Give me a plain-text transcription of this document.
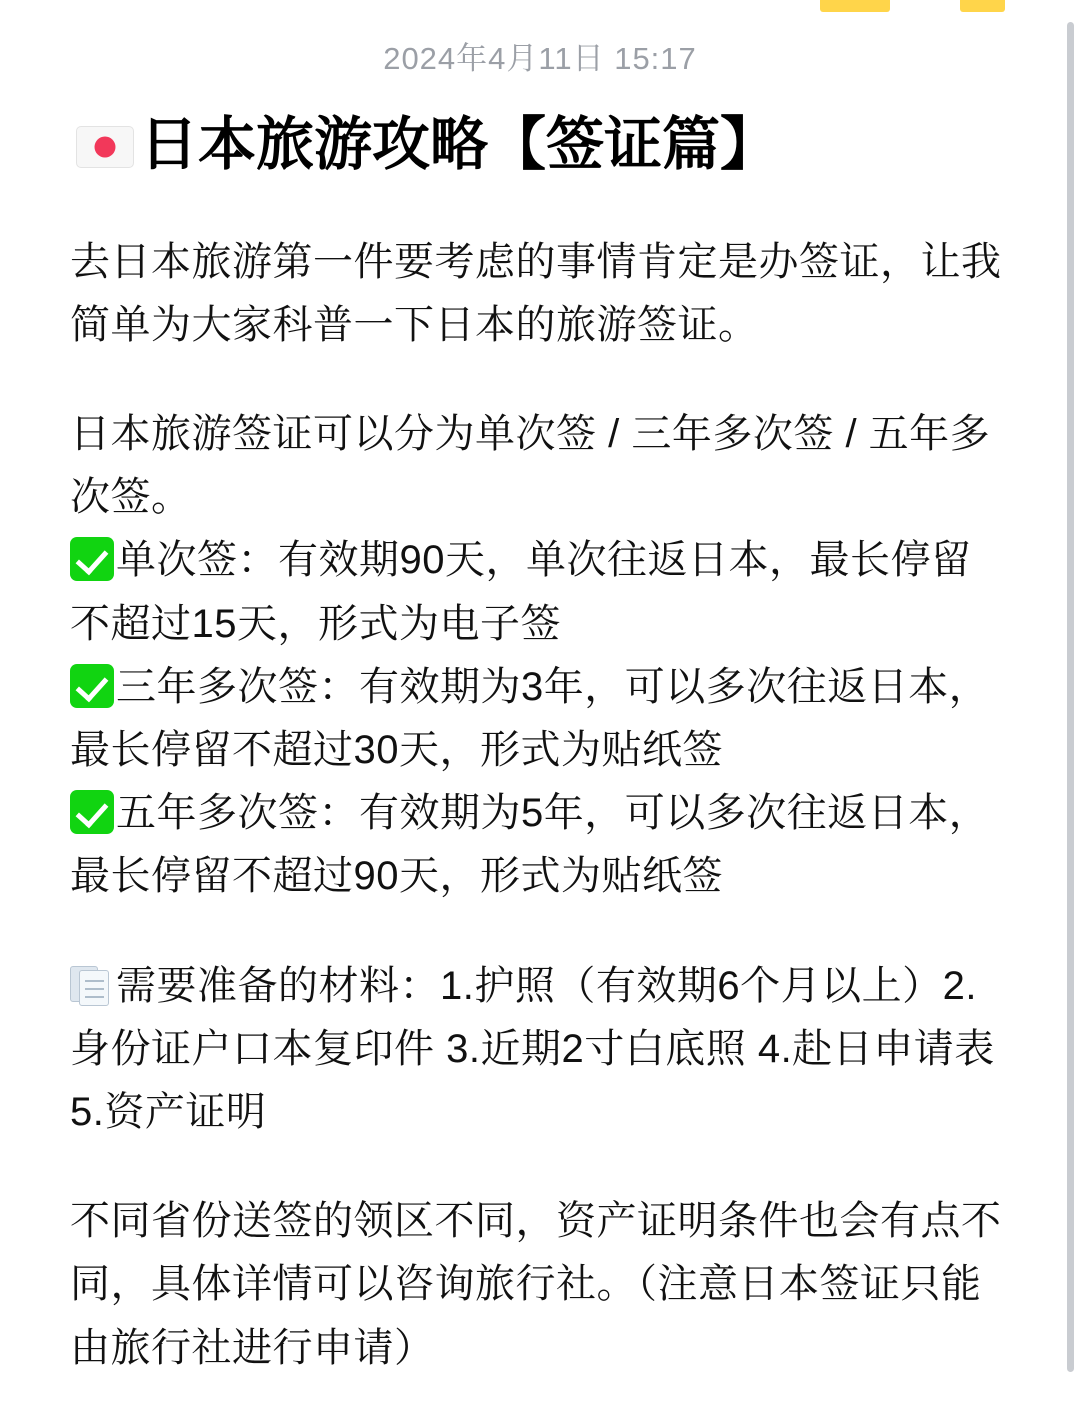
2024年4月11日 15:17
日本旅游攻略【签证篇】

去日本旅游第一件要考虑的事情肯定是办签证，让我简单为大家科普一下日本的旅游签证。

日本旅游签证可以分为单次签 / 三年多次签 / 五年多次签。

单次签：有效期90天，单次往返日本，最长停留不超过15天，形式为电子签

三年多次签：有效期为3年，可以多次往返日本，最长停留不超过30天，形式为贴纸签

五年多次签：有效期为5年，可以多次往返日本，最长停留不超过90天，形式为贴纸签

需要准备的材料：1.护照（有效期6个月以上）2.身份证户口本复印件 3.近期2寸白底照 4.赴日申请表 5.资产证明

不同省份送签的领区不同，资产证明条件也会有点不同，具体详情可以咨询旅行社。（注意日本签证只能由旅行社进行申请）
